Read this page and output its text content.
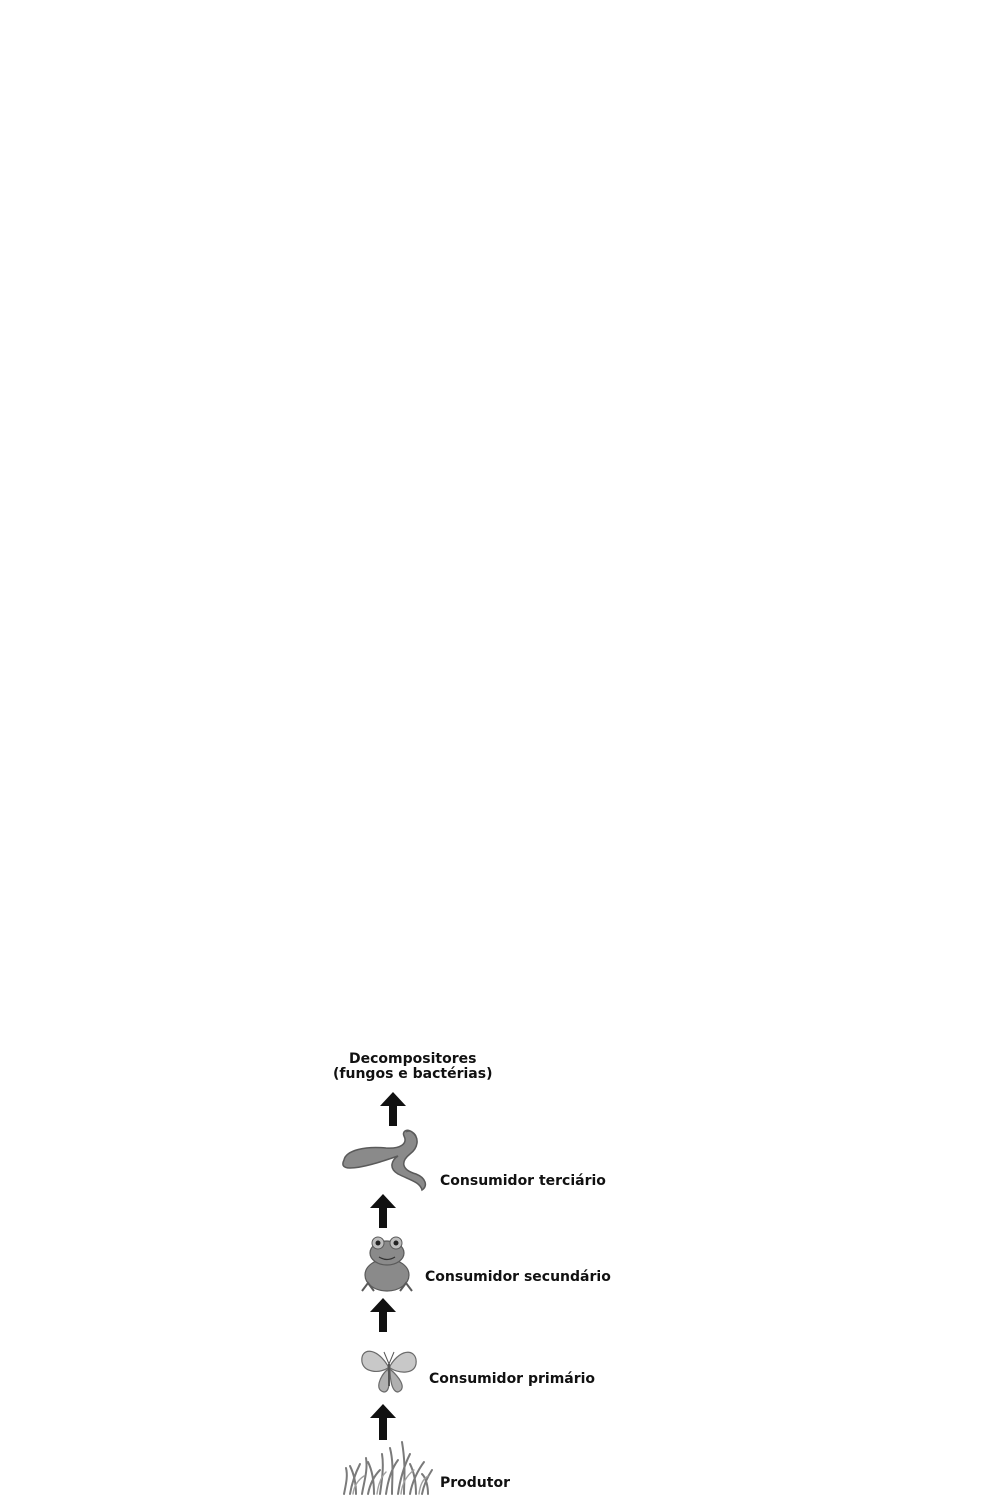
Decompositores
(fungos e bactérias)
Consumidor terciário
Consumidor secundário
Consumidor primário
Produtor
